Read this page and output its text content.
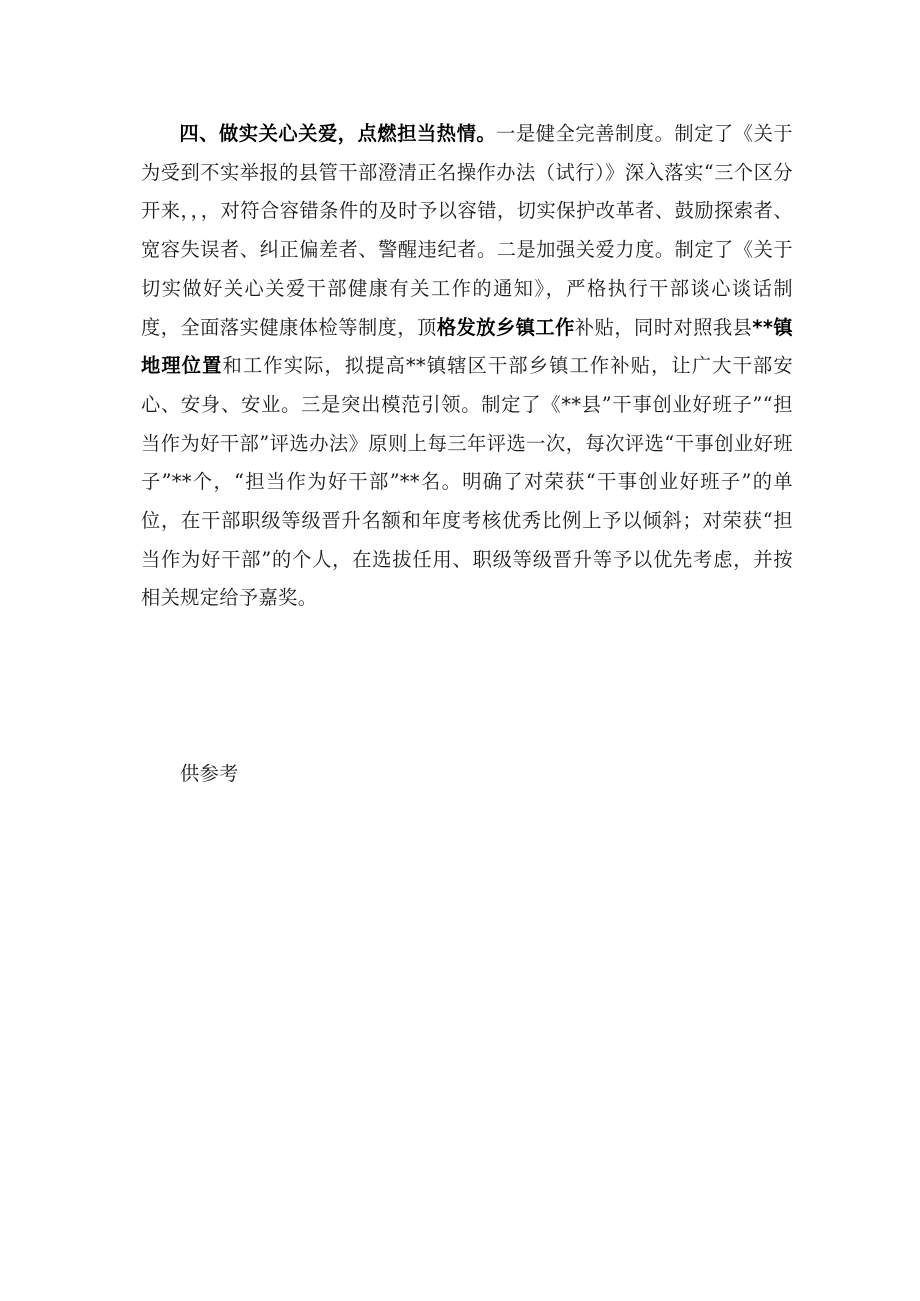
四、做实关心关爱，点燃担当热情。一是健全完善制度。制定了《关于为受到不实举报的县管干部澄清正名操作办法（试行）》深入落实“三个区分开来，，，对符合容错条件的及时予以容错，切实保护改革者、鼓励探索者、宽容失误者、纠正偏差者、警醒违纪者。二是加强关爱力度。制定了《关于切实做好关心关爱干部健康有关工作的通知》，严格执行干部谈心谈话制度，全面落实健康体检等制度，顶格发放乡镇工作补贴，同时对照我县**镇地理位置和工作实际，拟提高**镇辖区干部乡镇工作补贴，让广大干部安心、安身、安业。三是突出模范引领。制定了《**县”干事创业好班子”“担当作为好干部”评选办法》原则上每三年评选一次，每次评选“干事创业好班子”**个，“担当作为好干部”**名。明确了对荣获“干事创业好班子”的单位，在干部职级等级晋升名额和年度考核优秀比例上予以倾斜；对荣获“担当作为好干部”的个人，在选拔任用、职级等级晋升等予以优先考虑，并按相关规定给予嘉奖。

供参考
